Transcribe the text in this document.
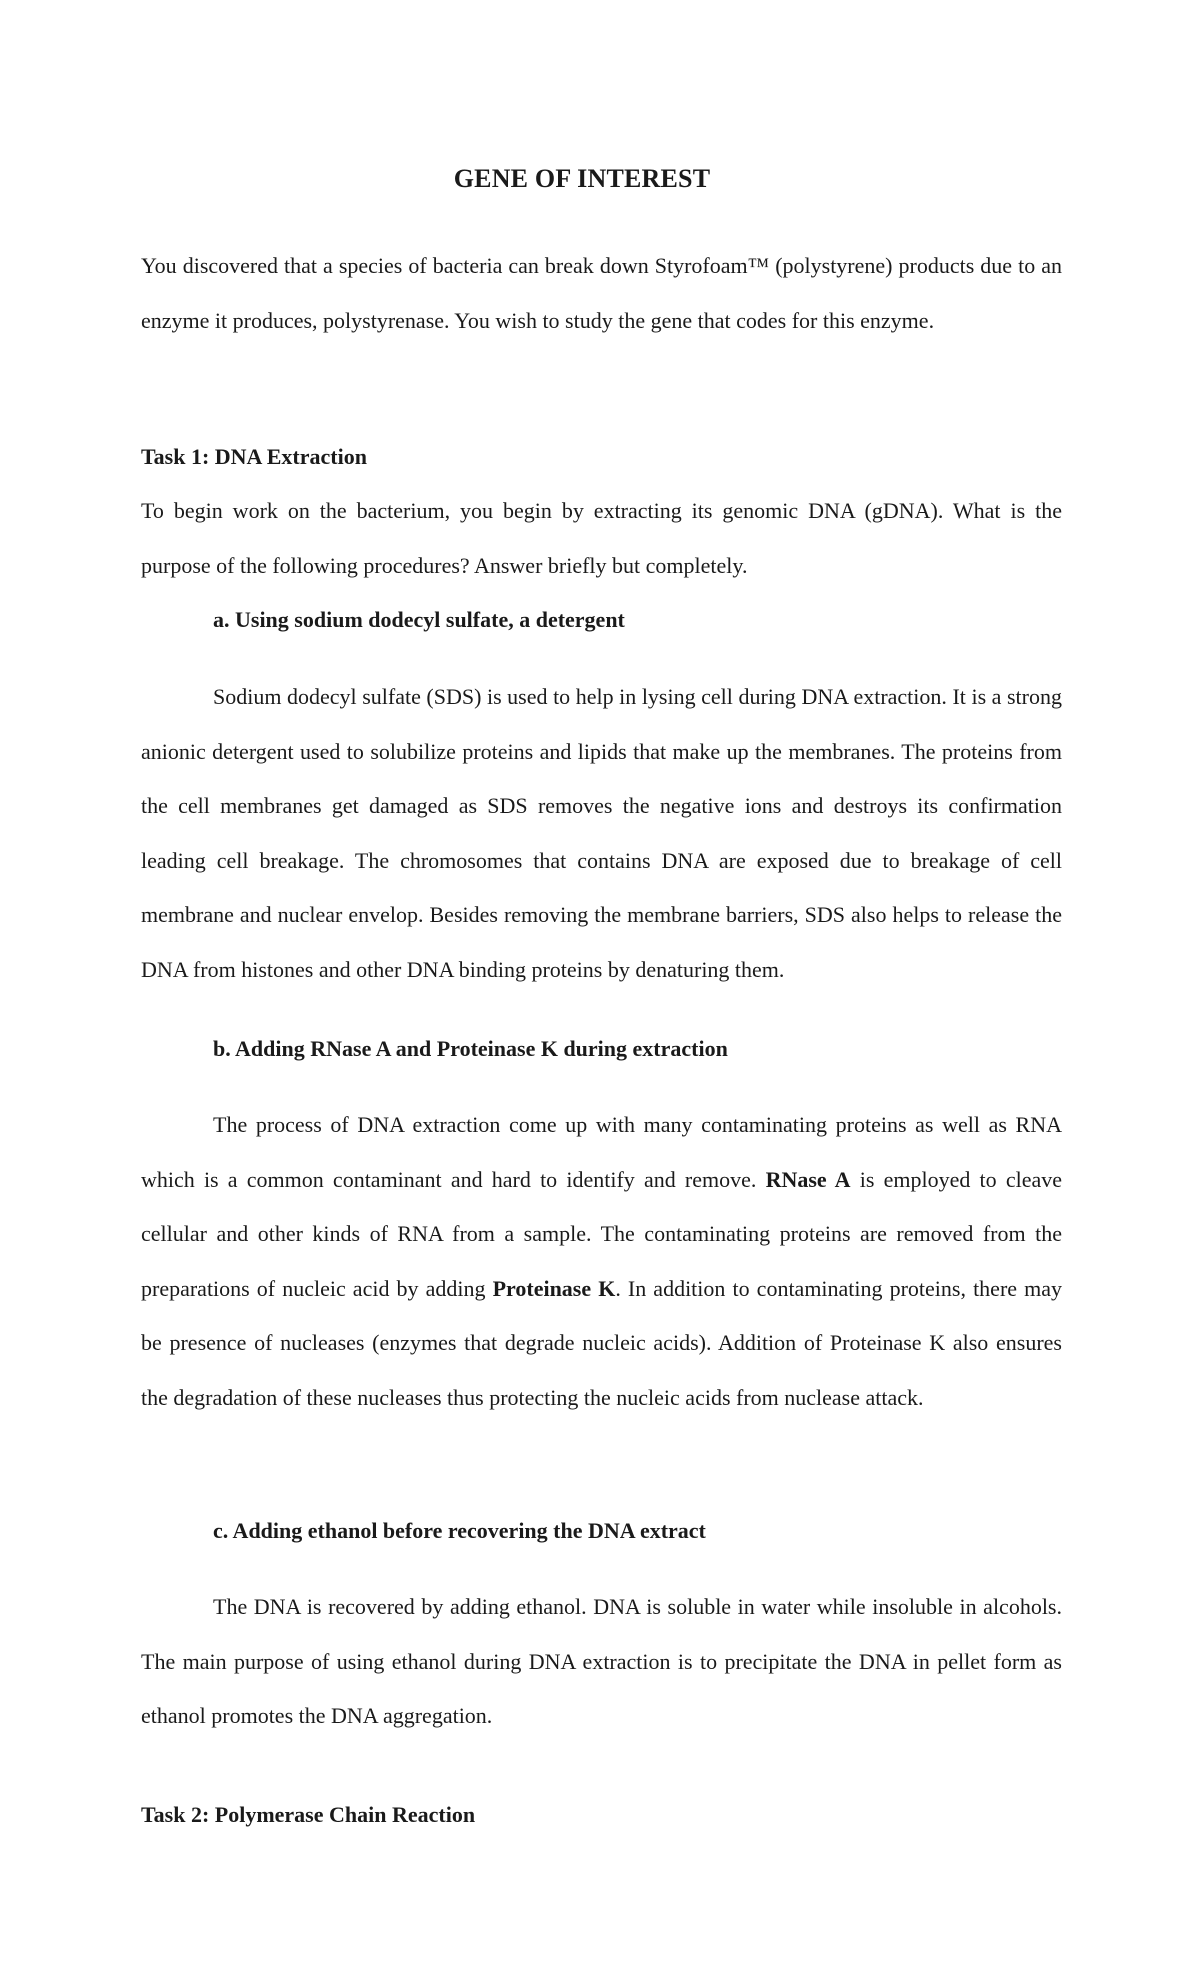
GENE OF INTEREST

You discovered that a species of bacteria can break down Styrofoam™ (polystyrene) products due to an enzyme it produces, polystyrenase. You wish to study the gene that codes for this enzyme.

Task 1: DNA Extraction

To begin work on the bacterium, you begin by extracting its genomic DNA (gDNA). What is the purpose of the following procedures? Answer briefly but completely.

a. Using sodium dodecyl sulfate, a detergent

Sodium dodecyl sulfate (SDS) is used to help in lysing cell during DNA extraction. It is a strong anionic detergent used to solubilize proteins and lipids that make up the membranes. The proteins from the cell membranes get damaged as SDS removes the negative ions and destroys its confirmation leading cell breakage. The chromosomes that contains DNA are exposed due to breakage of cell membrane and nuclear envelop. Besides removing the membrane barriers, SDS also helps to release the DNA from histones and other DNA binding proteins by denaturing them.

b. Adding RNase A and Proteinase K during extraction

The process of DNA extraction come up with many contaminating proteins as well as RNA which is a common contaminant and hard to identify and remove. RNase A is employed to cleave cellular and other kinds of RNA from a sample. The contaminating proteins are removed from the preparations of nucleic acid by adding Proteinase K. In addition to contaminating proteins, there may be presence of nucleases (enzymes that degrade nucleic acids). Addition of Proteinase K also ensures the degradation of these nucleases thus protecting the nucleic acids from nuclease attack.

c. Adding ethanol before recovering the DNA extract

The DNA is recovered by adding ethanol. DNA is soluble in water while insoluble in alcohols. The main purpose of using ethanol during DNA extraction is to precipitate the DNA in pellet form as ethanol promotes the DNA aggregation.

Task 2: Polymerase Chain Reaction
